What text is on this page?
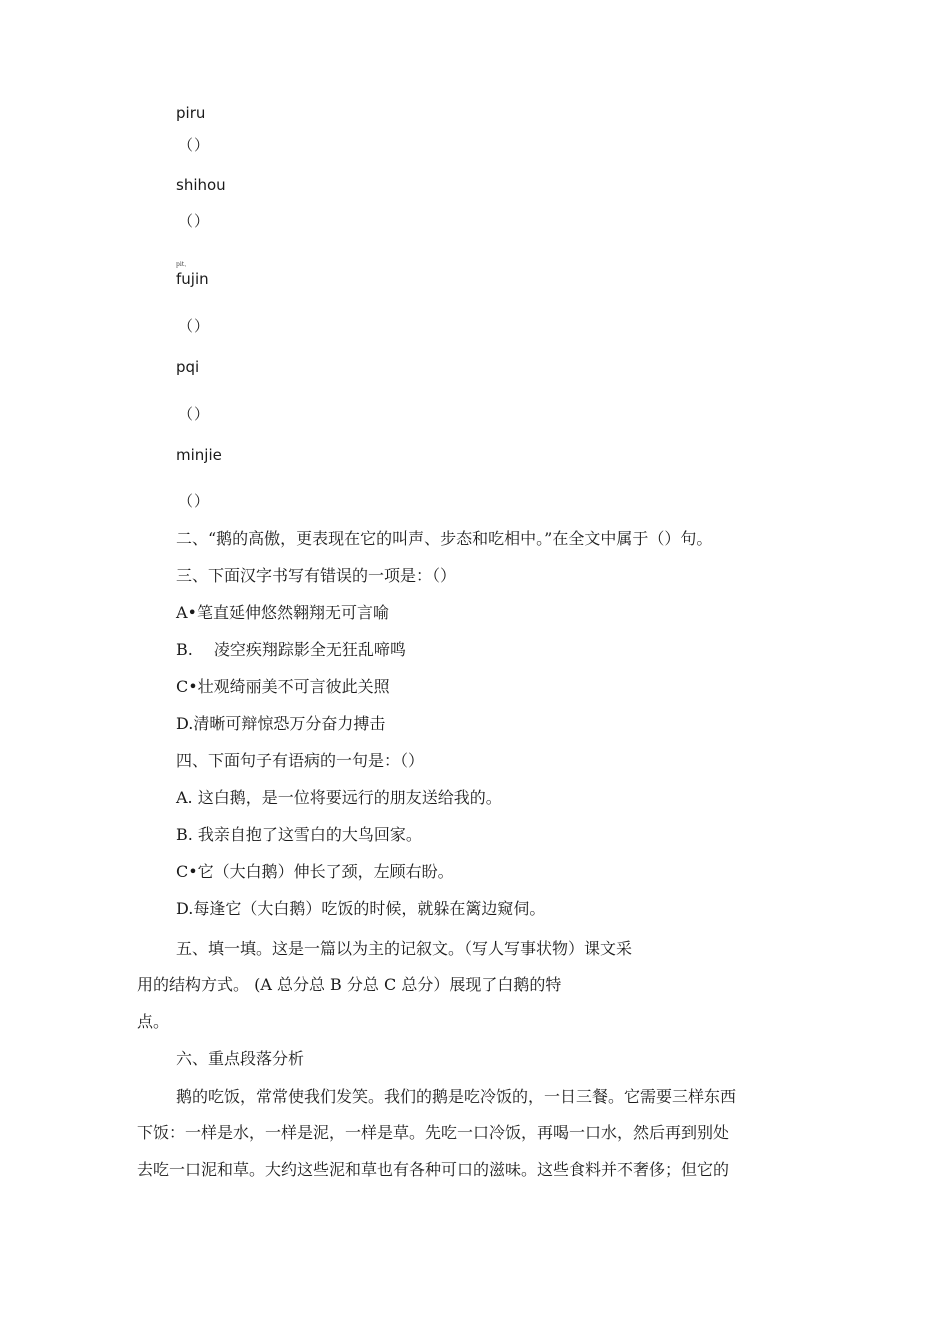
piru
（）
shihou
（）
pit、
fujin
（）
pqi
（）
minjie
（）
二、“鹅的高傲，更表现在它的叫声、步态和吃相中。”在全文中属于（）句。
三、下面汉字书写有错误的一项是：（）
A•笔直延伸悠然翱翔无可言喻
B.　 凌空疾翔踪影全无狂乱啼鸣
C•壮观绮丽美不可言彼此关照
D.清晰可辩惊恐万分奋力搏击
四、下面句子有语病的一句是：（）
A. 这白鹅，是一位将要远行的朋友送给我的。
B. 我亲自抱了这雪白的大鸟回家。
C•它（大白鹅）伸长了颈，左顾右盼。
D.每逢它（大白鹅）吃饭的时候，就躲在篱边窥伺。
五、填一填。这是一篇以为主的记叙文。（写人写事状物）课文采
用的结构方式。 (A 总分总 B 分总 C 总分）展现了白鹅的特
点。
六、重点段落分析
鹅的吃饭，常常使我们发笑。我们的鹅是吃冷饭的，一日三餐。它需要三样东西
下饭：一样是水，一样是泥，一样是草。先吃一口冷饭，再喝一口水，然后再到别处
去吃一口泥和草。大约这些泥和草也有各种可口的滋味。这些食料并不奢侈；但它的
